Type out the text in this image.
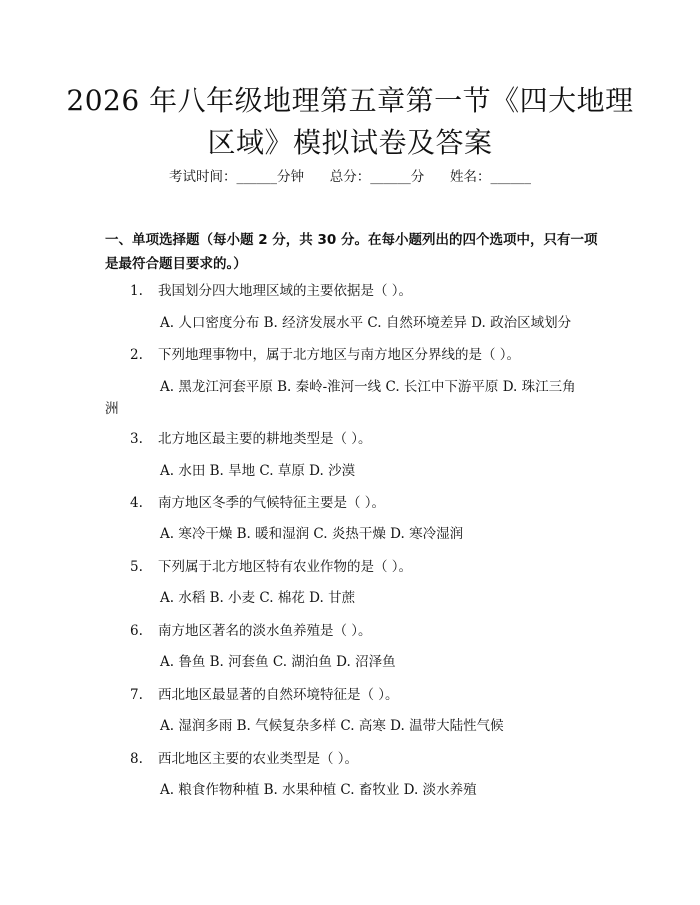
2026 年八年级地理第五章第一节《四大地理
区域》模拟试卷及答案
考试时间：______分钟      总分：______分      姓名：______
一、单项选择题（每小题 2 分，共 30 分。在每小题列出的四个选项中，只有一项
是最符合题目要求的。）
1. 我国划分四大地理区域的主要依据是（ ）。
A. 人口密度分布 B. 经济发展水平 C. 自然环境差异 D. 政治区域划分
2. 下列地理事物中，属于北方地区与南方地区分界线的是（ ）。
A. 黑龙江河套平原 B. 秦岭-淮河一线 C. 长江中下游平原 D. 珠江三角
洲
3. 北方地区最主要的耕地类型是（ ）。
A. 水田 B. 旱地 C. 草原 D. 沙漠
4. 南方地区冬季的气候特征主要是（ ）。
A. 寒冷干燥 B. 暖和湿润 C. 炎热干燥 D. 寒冷湿润
5. 下列属于北方地区特有农业作物的是（ ）。
A. 水稻 B. 小麦 C. 棉花 D. 甘蔗
6. 南方地区著名的淡水鱼养殖是（ ）。
A. 鲁鱼 B. 河套鱼 C. 湖泊鱼 D. 沼泽鱼
7. 西北地区最显著的自然环境特征是（ ）。
A. 湿润多雨 B. 气候复杂多样 C. 高寒 D. 温带大陆性气候
8. 西北地区主要的农业类型是（ ）。
A. 粮食作物种植 B. 水果种植 C. 畜牧业 D. 淡水养殖
